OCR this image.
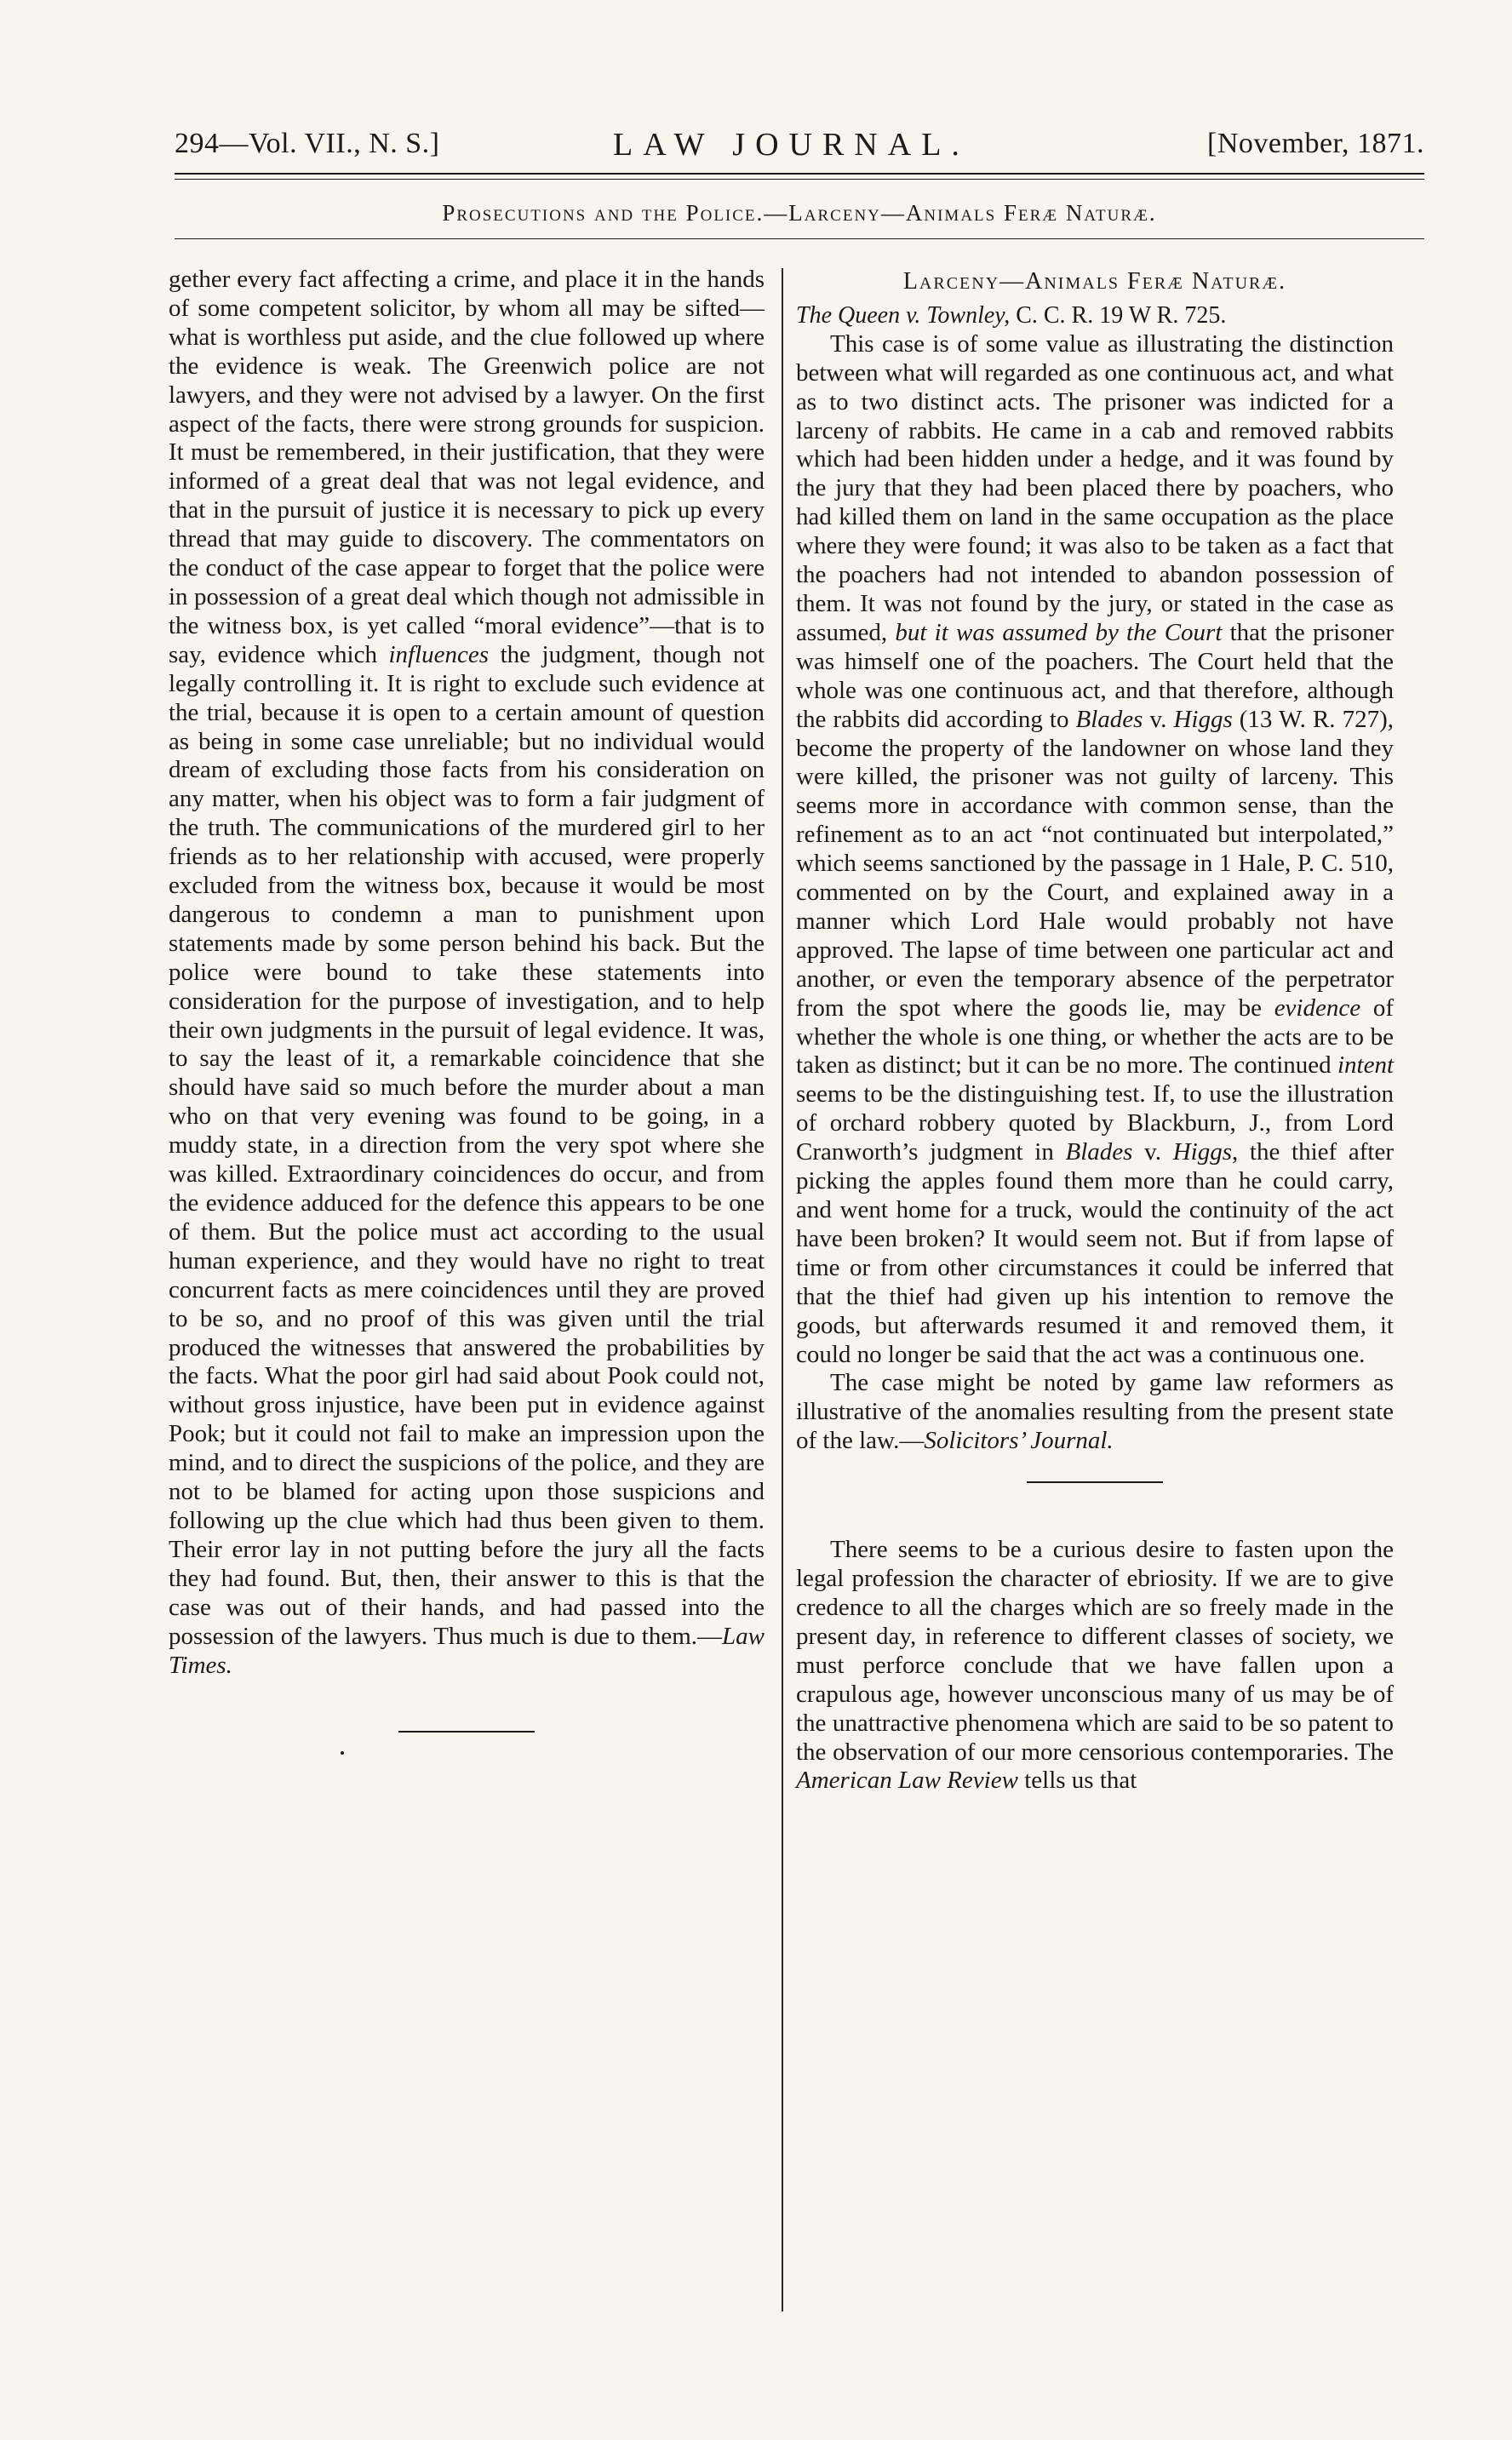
294—Vol. VII., N. S.]	LAW JOURNAL.	[November, 1871.
Prosecutions and the Police.—Larceny—Animals Feræ Naturæ.

gether every fact affecting a crime, and place it in the hands of some competent solicitor, by whom all may be sifted—what is worthless put aside, and the clue followed up where the evidence is weak. The Greenwich police are not lawyers, and they were not advised by a lawyer. On the first aspect of the facts, there were strong grounds for suspicion. It must be remembered, in their justification, that they were informed of a great deal that was not legal evidence, and that in the pursuit of justice it is necessary to pick up every thread that may guide to discovery. The commentators on the conduct of the case appear to forget that the police were in possession of a great deal which though not admissible in the witness box, is yet called “moral evidence”—that is to say, evidence which influences the judgment, though not legally controlling it. It is right to exclude such evidence at the trial, because it is open to a certain amount of question as being in some case unreliable; but no individual would dream of excluding those facts from his consideration on any matter, when his object was to form a fair judgment of the truth. The communications of the murdered girl to her friends as to her relationship with accused, were properly excluded from the witness box, because it would be most dangerous to condemn a man to punishment upon statements made by some person behind his back. But the police were bound to take these statements into consideration for the purpose of investigation, and to help their own judgments in the pursuit of legal evidence. It was, to say the least of it, a remarkable coincidence that she should have said so much before the murder about a man who on that very evening was found to be going, in a muddy state, in a direction from the very spot where she was killed. Extraordinary coincidences do occur, and from the evidence adduced for the defence this appears to be one of them. But the police must act according to the usual human experience, and they would have no right to treat concurrent facts as mere coincidences until they are proved to be so, and no proof of this was given until the trial produced the witnesses that answered the probabilities by the facts. What the poor girl had said about Pook could not, without gross injustice, have been put in evidence against Pook; but it could not fail to make an impression upon the mind, and to direct the suspicions of the police, and they are not to be blamed for acting upon those suspicions and following up the clue which had thus been given to them. Their error lay in not putting before the jury all the facts they had found. But, then, their answer to this is that the case was out of their hands, and had passed into the possession of the lawyers. Thus much is due to them.—Law Times.

Larceny—Animals Feræ Naturæ.

The Queen v. Townley, C. C. R. 19 W R. 725.

This case is of some value as illustrating the distinction between what will regarded as one continuous act, and what as to two distinct acts. The prisoner was indicted for a larceny of rabbits. He came in a cab and removed rabbits which had been hidden under a hedge, and it was found by the jury that they had been placed there by poachers, who had killed them on land in the same occupation as the place where they were found; it was also to be taken as a fact that the poachers had not intended to abandon possession of them. It was not found by the jury, or stated in the case as assumed, but it was assumed by the Court that the prisoner was himself one of the poachers. The Court held that the whole was one continuous act, and that therefore, although the rabbits did according to Blades v. Higgs (13 W. R. 727), become the property of the landowner on whose land they were killed, the prisoner was not guilty of larceny. This seems more in accordance with common sense, than the refinement as to an act “not continuated but interpolated,” which seems sanctioned by the passage in 1 Hale, P. C. 510, commented on by the Court, and explained away in a manner which Lord Hale would probably not have approved. The lapse of time between one particular act and another, or even the temporary absence of the perpetrator from the spot where the goods lie, may be evidence of whether the whole is one thing, or whether the acts are to be taken as distinct; but it can be no more. The continued intent seems to be the distinguishing test. If, to use the illustration of orchard robbery quoted by Blackburn, J., from Lord Cranworth’s judgment in Blades v. Higgs, the thief after picking the apples found them more than he could carry, and went home for a truck, would the continuity of the act have been broken? It would seem not. But if from lapse of time or from other circumstances it could be inferred that that the thief had given up his intention to remove the goods, but afterwards resumed it and removed them, it could no longer be said that the act was a continuous one.

The case might be noted by game law reformers as illustrative of the anomalies resulting from the present state of the law.—Solicitors’ Journal.

There seems to be a curious desire to fasten upon the legal profession the character of ebriosity. If we are to give credence to all the charges which are so freely made in the present day, in reference to different classes of society, we must perforce conclude that we have fallen upon a crapulous age, however unconscious many of us may be of the unattractive phenomena which are said to be so patent to the observation of our more censorious contemporaries. The American Law Review tells us that
